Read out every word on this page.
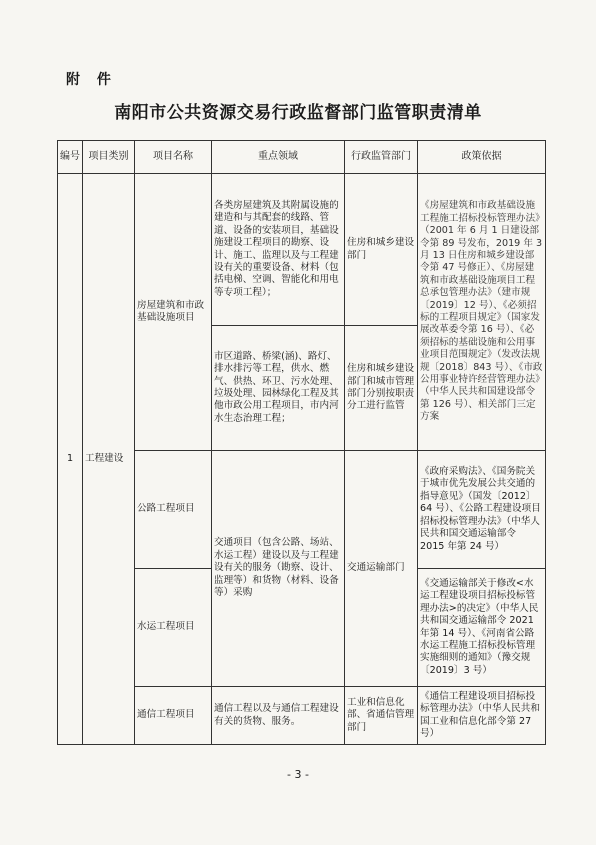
附 件
南阳市公共资源交易行政监督部门监管职责清单
编号	项目类别	项目名称	重点领域	行政监管部门	政策依据
1	工程建设	房屋建筑和市政基础设施项目	各类房屋建筑及其附属设施的建造和与其配套的线路、管道、设备的安装项目，基础设施建设工程项目的勘察、设计、施工、监理以及与工程建设有关的重要设备、材料（包括电梯、空调、智能化和用电等专项工程）；	住房和城乡建设部门	《房屋建筑和市政基础设施工程施工招标投标管理办法》（2001 年 6 月 1 日建设部令第 89 号发布，2019 年 3 月 13 日住房和城乡建设部令第 47 号修正）、《房屋建筑和市政基础设施项目工程总承包管理办法》（建市规〔2019〕12 号）、《必须招标的工程项目规定》（国家发展改革委令第 16 号）、《必须招标的基础设施和公用事业项目范围规定》（发改法规规〔2018〕843 号）、《市政公用事业特许经营管理办法》（中华人民共和国建设部令第 126 号）、相关部门三定方案
			市区道路、桥梁(涵)、路灯、排水排污等工程，供水、燃气、供热、环卫、污水处理、垃圾处理、园林绿化工程及其他市政公用工程项目，市内河水生态治理工程；	住房和城乡建设部门和城市管理部门分别按职责分工进行监管	
		公路工程项目	交通项目（包含公路、场站、水运工程）建设以及与工程建设有关的服务（勘察、设计、监理等）和货物（材料、设备等）采购	交通运输部门	《政府采购法》、《国务院关于城市优先发展公共交通的指导意见》（国发〔2012〕64 号）、《公路工程建设项目招标投标管理办法》（中华人民共和国交通运输部令 2015 年第 24 号）
		水运工程项目			《交通运输部关于修改<水运工程建设项目招标投标管理办法>的决定》（中华人民共和国交通运输部令 2021 年第 14 号）、《河南省公路水运工程施工招标投标管理实施细则的通知》（豫交规〔2019〕3 号）
		通信工程项目	通信工程以及与通信工程建设有关的货物、服务。	工业和信息化部、省通信管理部门	《通信工程建设项目招标投标管理办法》（中华人民共和国工业和信息化部令第 27 号）
- 3 -
